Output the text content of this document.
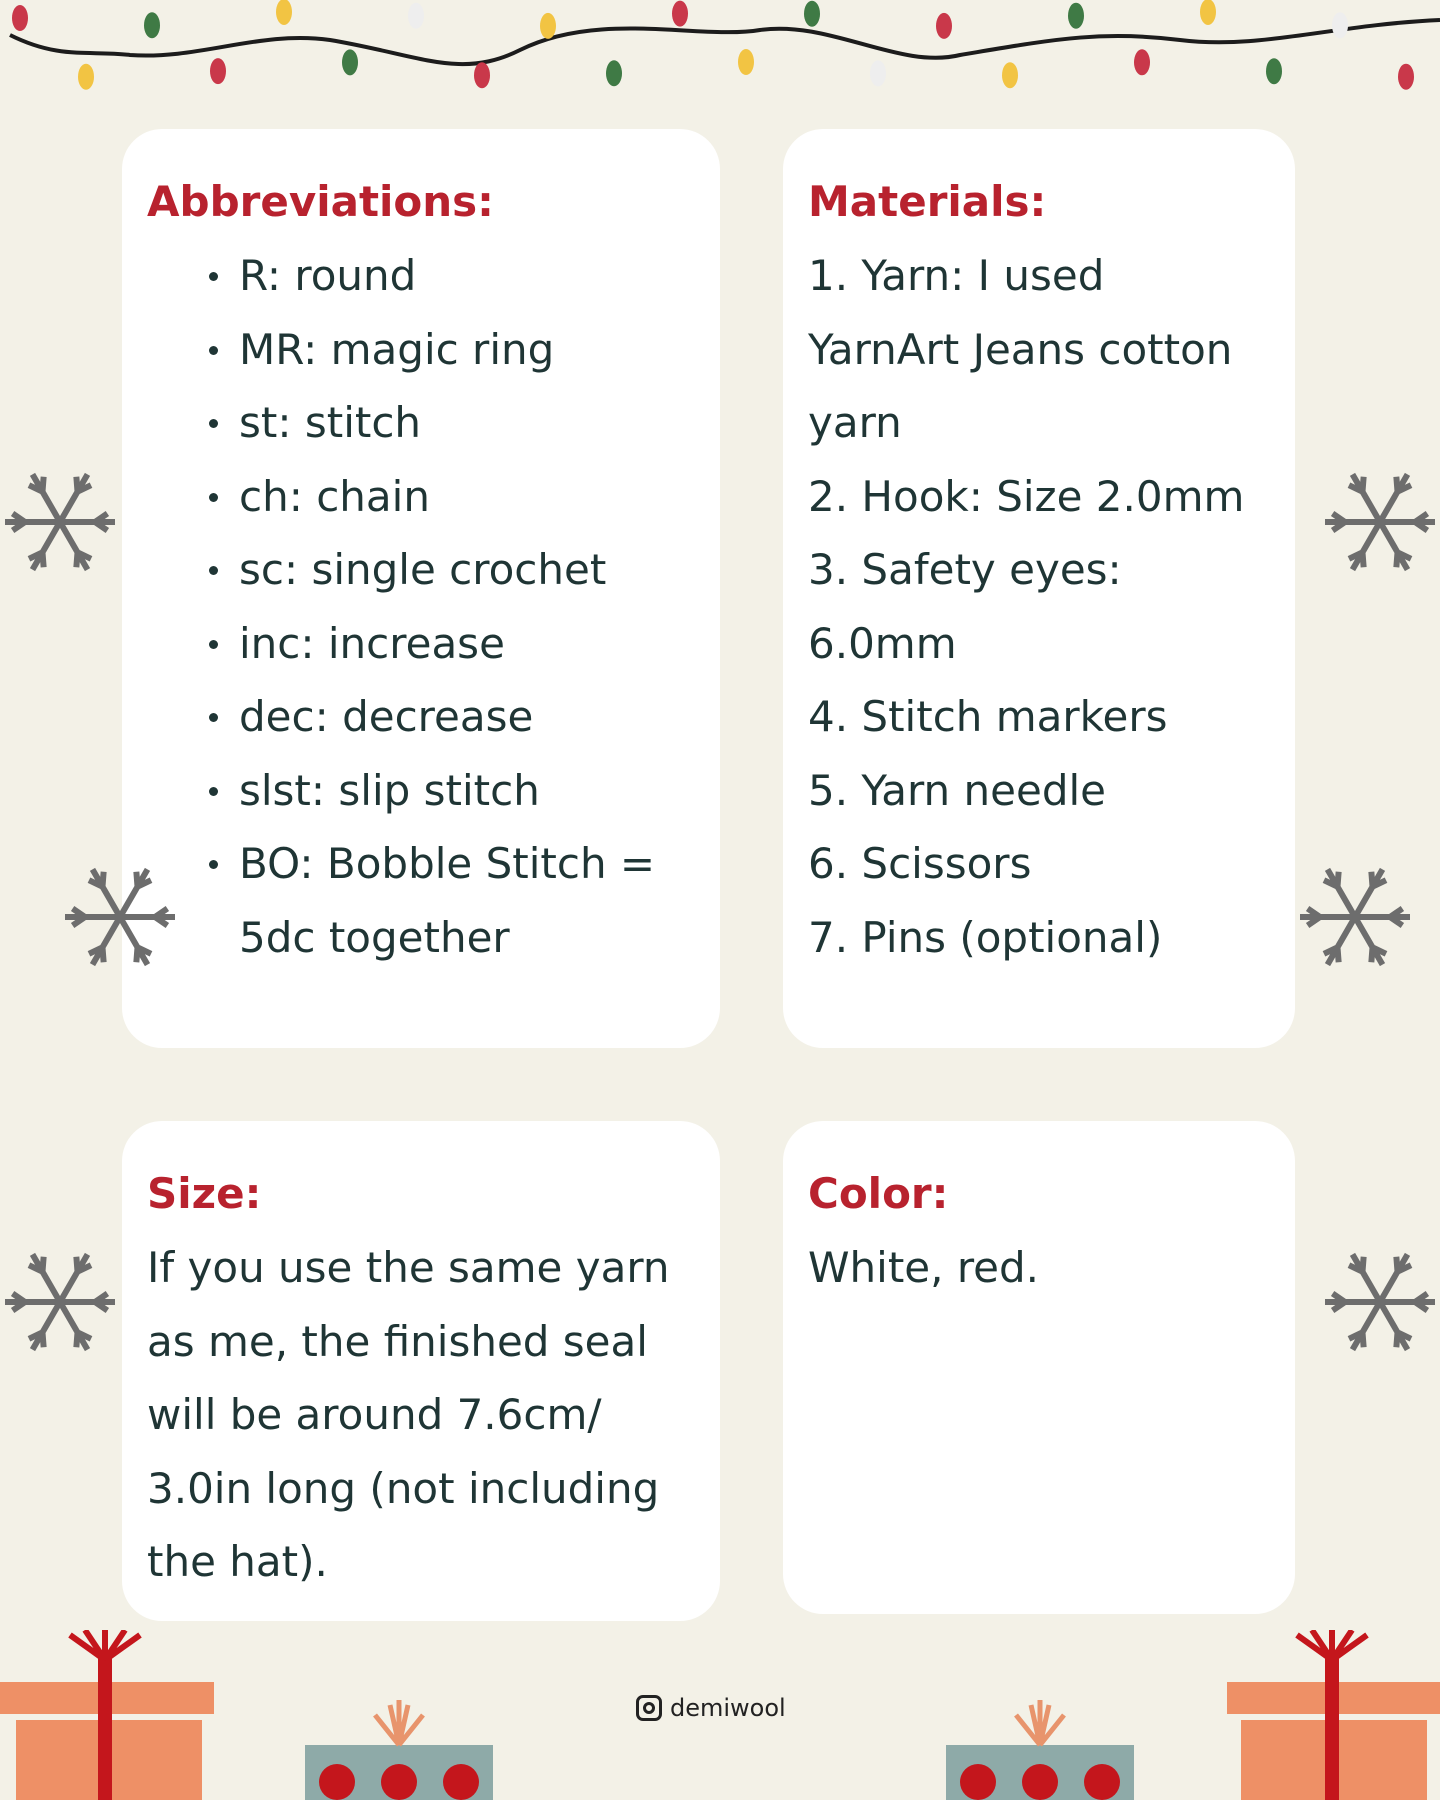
Abbreviations:
R: round
MR: magic ring
st: stitch
ch: chain
sc: single crochet
inc: increase
dec: decrease
slst: slip stitch
BO: Bobble Stitch =
5dc together
Materials:
1. Yarn: I used
YarnArt Jeans cotton
yarn
2. Hook: Size 2.0mm
3. Safety eyes:
6.0mm
4. Stitch markers
5. Yarn needle
6. Scissors
7. Pins (optional)
Size:
If you use the same yarn
as me, the finished seal
will be around 7.6cm/
3.0in long (not including
the hat).
Color:
White, red.
demiwool
